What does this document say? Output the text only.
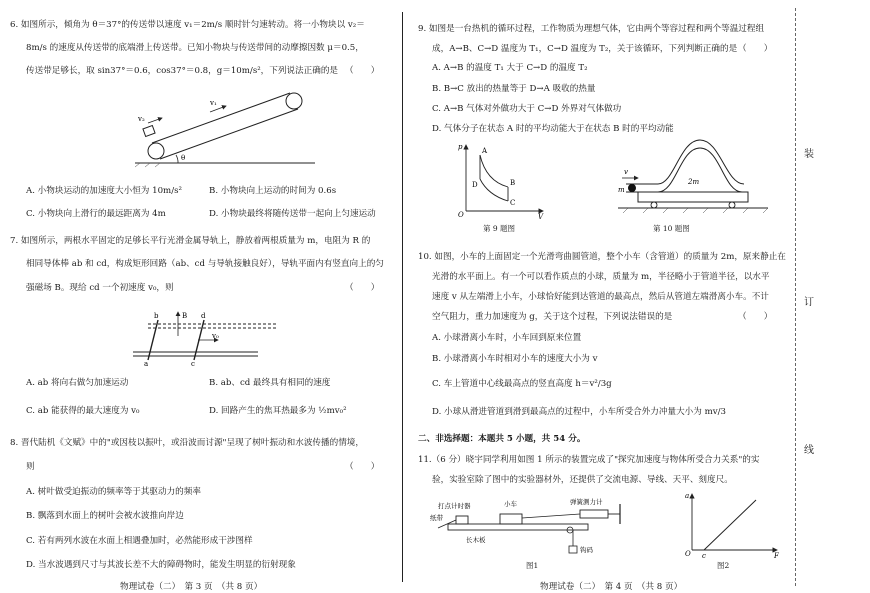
6. 如图所示，倾角为 θ＝37°的传送带以速度 v₁＝2m/s 顺时针匀速转动。将一小物块以 v₂＝
8m/s 的速度从传送带的底端滑上传送带。已知小物块与传送带间的动摩擦因数 μ＝0.5，
传送带足够长，取 sin37°＝0.6，cos37°＝0.8，g＝10m/s²，下列说法正确的是 （　　）
v₂
v₁
θ
A. 小物块运动的加速度大小恒为 10m/s²	B. 小物块向上运动的时间为 0.6s
C. 小物块向上滑行的最远距离为 4m	D. 小物块最终将随传送带一起向上匀速运动
7. 如图所示，两根水平固定的足够长平行光滑金属导轨上，静放着两根质量为 m，电阻为 R 的
相同导体棒 ab 和 cd，构成矩形回路（ab、cd 与导轨接触良好），导轨平面内有竖直向上的匀
强磁场 B。现给 cd 一个初速度 v₀，则	（　　）
b
a
d
c
B
v₀
A. ab 将向右做匀加速运动	B. ab、cd 最终具有相同的速度
C. ab 能获得的最大速度为 v₀	D. 回路产生的焦耳热最多为 ½mv₀²
8. 晋代陆机《文赋》中的"或因枝以振叶，或沿波而讨源"呈现了树叶振动和水波传播的情境，
则	（　　）
A. 树叶做受迫振动的频率等于其驱动力的频率
B. 飘落到水面上的树叶会被水波推向岸边
C. 若有两列水波在水面上相遇叠加时，必然能形成干涉图样
D. 当水波遇到尺寸与其波长差不大的障碍物时，能发生明显的衍射现象
物理试卷（二）　第 3 页　（共 8 页）
9. 如图是一台热机的循环过程，工作物质为理想气体，它由两个等容过程和两个等温过程组
成，A→B、C→D 温度为 T₁，C→D 温度为 T₂，关于该循环，下列判断正确的是 （　　）
A. A→B 的温度 T₁ 大于 C→D 的温度 T₂
B. B→C 放出的热量等于 D→A 吸收的热量
C. A→B 气体对外做功大于 C→D 外界对气体做功
D. 气体分子在状态 A 时的平均动能大于在状态 B 时的平均动能
p
V
O
A
B
C
D
第 9 题图
v
m
2m
第 10 题图
10. 如图，小车的上面固定一个光滑弯曲圆管道，整个小车（含管道）的质量为 2m，原来静止在
光滑的水平面上。有一个可以看作质点的小球，质量为 m，半径略小于管道半径，以水平
速度 v 从左端滑上小车，小球恰好能到达管道的最高点，然后从管道左端滑离小车。不计
空气阻力，重力加速度为 g，关于这个过程，下列说法错误的是	（　　）
A. 小球滑离小车时，小车回到原来位置
B. 小球滑离小车时相对小车的速度大小为 v
C. 车上管道中心线最高点的竖直高度 h＝v²/3g
D. 小球从滑进管道到滑到最高点的过程中，小车所受合外力冲量大小为 mv/3
二、非选择题：本题共 5 小题，共 54 分。
11.（6 分）晓宇同学利用如图 1 所示的装置完成了"探究加速度与物体所受合力关系"的实
验，实验室除了图中的实验器材外，还提供了交流电源、导线、天平、刻度尺。
打点计时器	小车	弹簧测力计
纸带
长木板
钩码
图1
a
O c	F
图2
物理试卷（二）　第 4 页　（共 8 页）
装
订
线
